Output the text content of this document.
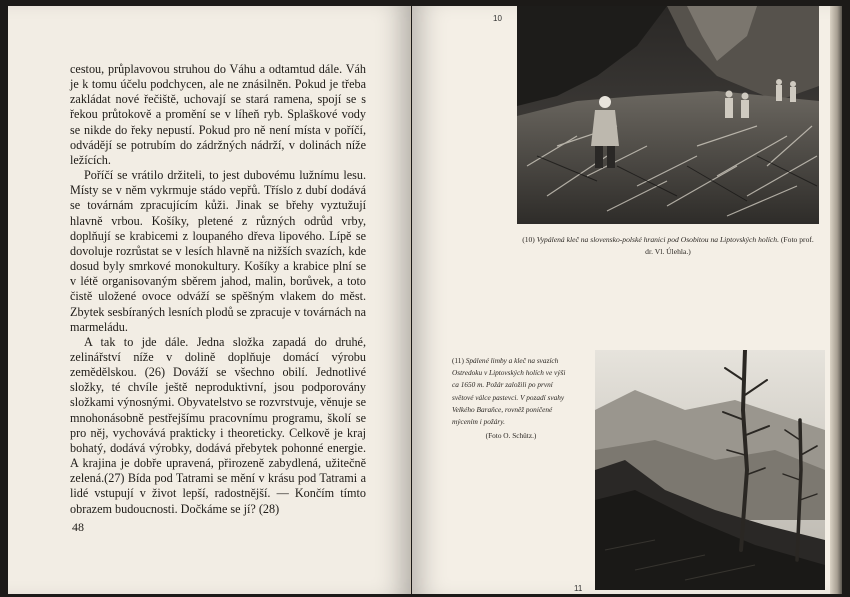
cestou, průplavovou struhou do Váhu a odtamtud dále. Váh je k tomu účelu podchycen, ale ne znásilněn. Pokud je třeba zakládat nové řečiště, uchovají se stará ramena, spojí se s řekou průtokově a promění se v líheň ryb. Splaškové vody se nikde do řeky nepustí. Pokud pro ně není místa v poříčí, odvádějí se potrubím do zádržných nádrží, v dolinách níže ležících.

Poříčí se vrátilo držiteli, to jest dubovému lužnímu lesu. Místy se v něm vykrmuje stádo vepřů. Tříslo z dubí dodává se továrnám zpracujícím kůži. Jinak se břehy vyztužují hlavně vrbou. Košíky, pletené z různých odrůd vrby, doplňují se krabicemi z loupaného dřeva lipového. Lípě se dovoluje rozrůstat se v lesích hlavně na nižších svazích, kde dosud byly smrkové monokultury. Košíky a krabice plní se v létě organisovaným sběrem jahod, malin, borůvek, a toto čistě uložené ovoce odváží se spěšným vlakem do měst. Zbytek sesbíraných lesních plodů se zpracuje v továrnách na marmeládu.

A tak to jde dále. Jedna složka zapadá do druhé, zelinářství níže v dolině doplňuje domácí výrobu zemědělskou. (26) Dováží se všechno obilí. Jednotlivé složky, té chvíle ještě neproduktivní, jsou podporovány složkami výnosnými. Obyvatelstvo se rozvrstvuje, věnuje se mnohonásobně pestřejšímu pracovnímu programu, školí se pro něj, vychovává prakticky i theoreticky. Celkově je kraj bohatý, dodává výrobky, dodává přebytek pohonné energie. A krajina je dobře upravená, přirozeně zabydlená, užitečně zelená.(27) Bída pod Tatrami se mění v krásu pod Tatrami a lidé vstupují v život lepší, radostnější. — Končím tímto obrazem budoucnosti. Dočkáme se jí? (28)

48
10
(10) Vypálená kleč na slovensko-polské hranici pod Osobitou na Liptovských holích. (Foto prof. dr. Vl. Úlehla.)
(11) Spálené limby a kleč na svazích Ostredoku v Liptovských holích ve výši ca 1650 m. Požár založili po první světové válce pastevci. V pozadí svahy Velkého Baraňce, rovněž poničené mýcením i požáry.
(Foto O. Schütz.)
11
